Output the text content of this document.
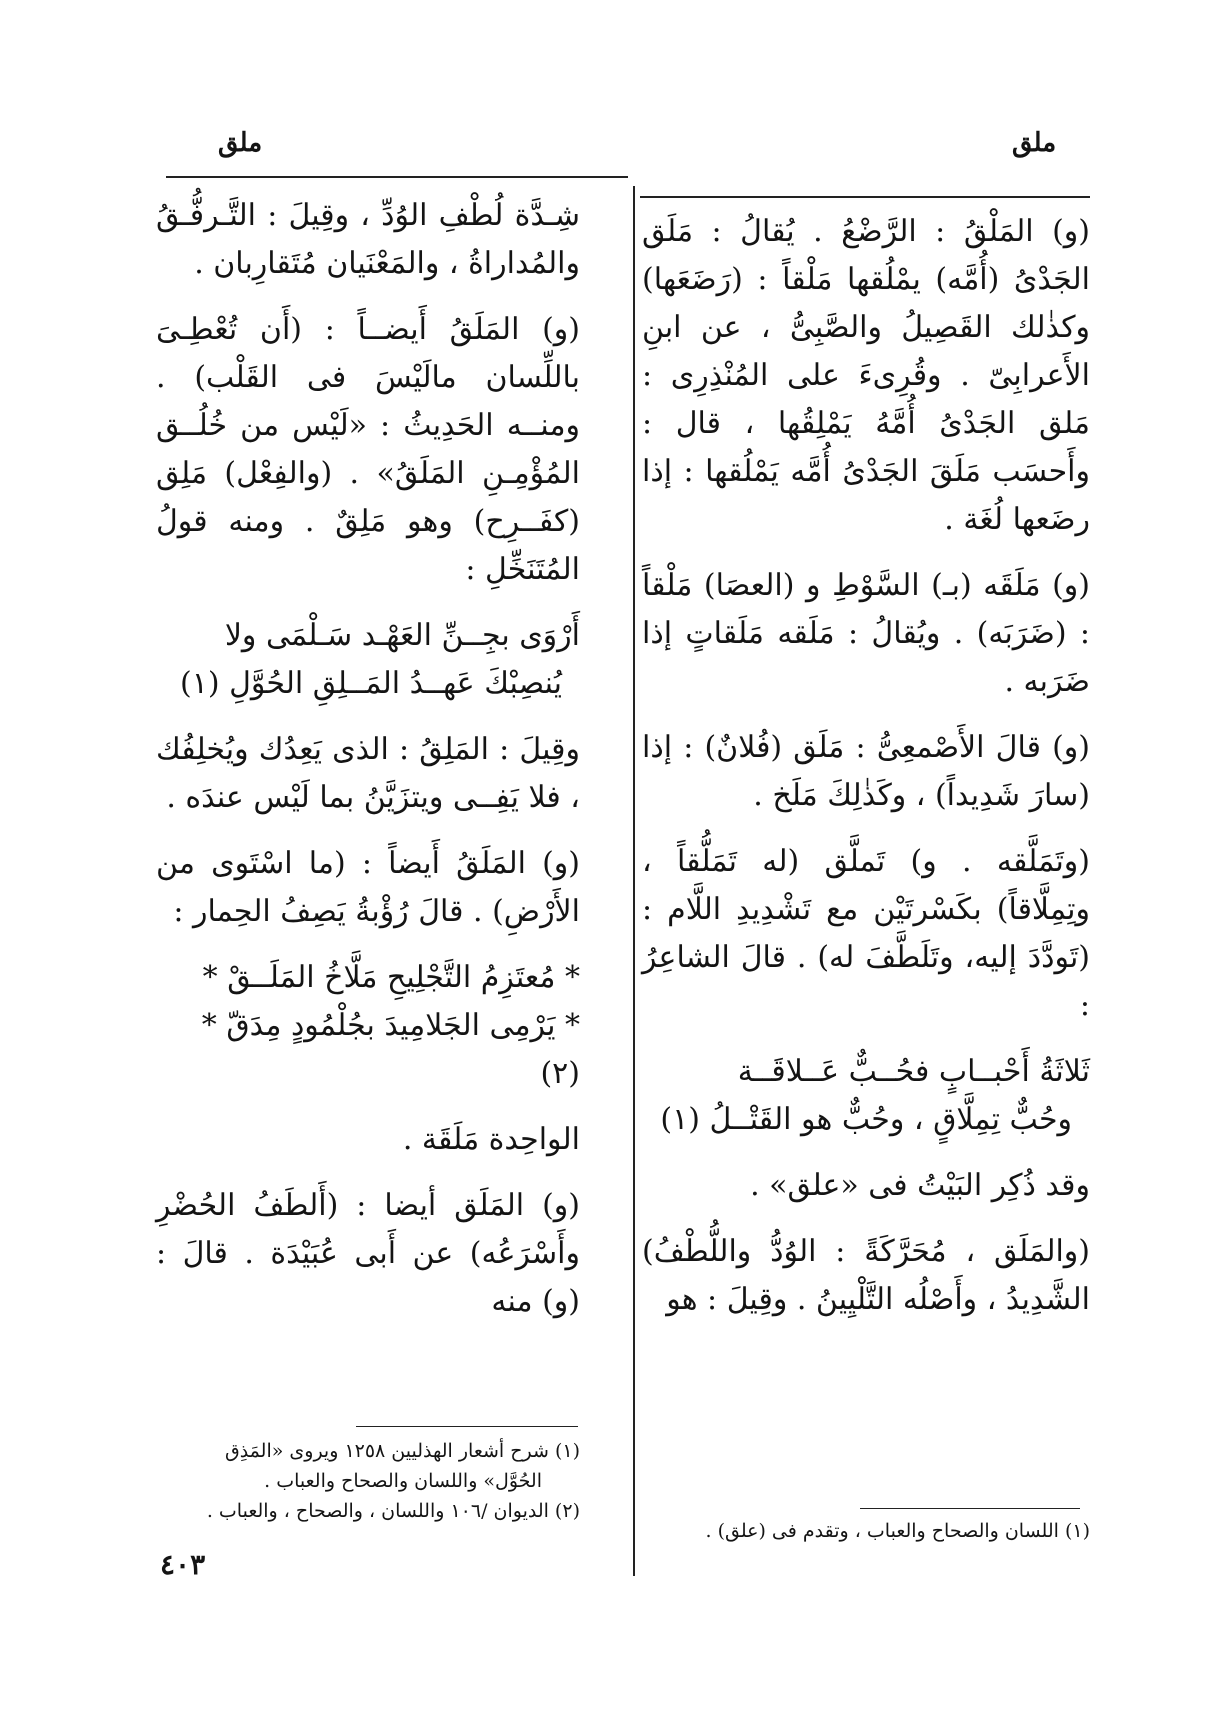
ملق	ملق

(و) المَلْقُ : الرَّضْعُ . يُقالُ : مَلَق الجَدْىُ (أُمَّه) يمْلُقها مَلْقاً : (رَضَعَها) وكذٰلك القَصِيلُ والصَّبِىُّ ، عن ابنِ الأَعرابِىّ . وقُرِىءَ على المُنْذِرِى : مَلق الجَدْىُ أُمَّهُ يَمْلِقُها ، قال : وأَحسَب مَلَقَ الجَدْىُ أُمَّه يَمْلُقها : إذا رضَعها لُغَة .

(و) مَلَقَه (بـ) السَّوْطِ و (العصَا) مَلْقاً : (ضَرَبَه) . ويُقالُ : مَلَقه مَلَقاتٍ إذا ضَرَبه .

(و) قالَ الأَصْمعِىُّ : مَلَق (فُلانٌ) : إذا (سارَ شَدِيداً) ، وكَذٰلِكَ مَلَخ .

(وتَمَلَّقه . و) تَملَّق (له تَمَلُّقاً ، وتِمِلَّاقاً) بكَسْرتَيْن مع تَشْدِيدِ اللَّام : (تَودَّدَ إليه، وتَلَطَّفَ له) . قالَ الشاعِرُ :

ثَلاثَةُ أَحْبــابٍ فحُــبٌّ عَــلاقَــة
وحُبٌّ تِمِلَّاقٍ ، وحُبٌّ هو القَتْــلُ (١)

وقد ذُكِر البَيْتُ فى «علق» .

(والمَلَق ، مُحَرَّكَةً : الوُدُّ واللُّطْفُ) الشَّدِيدُ ، وأَصْلُه التَّلْيِينُ . وقِيلَ : هو

(١) اللسان والصحاح والعباب ، وتقدم فى (علق) .

شِـدَّة لُطْفِ الوُدِّ ، وقِيلَ : التَّـرفُّـقُ والمُداراةُ ، والمَعْنَيان مُتَقارِبان .

(و) المَلَقُ أَيضــاً : (أَن تُعْطِـىَ باللِّسان مالَيْسَ فى القَلْب) . ومنــه الحَدِيثُ : «لَيْس من خُلُــق المُؤْمِـنِ المَلَقُ» . (والفِعْل) مَلِق (كفَــرِح) وهو مَلِقٌ . ومنه قولُ المُتَنَخِّلِ :

أَرْوَى بجِــنِّ العَهْـد سَـلْمَى ولا
يُنصِبْكَ عَهــدُ المَــلِقِ الحُوَّلِ (١)

وقِيلَ : المَلِقُ : الذى يَعِدُك ويُخلِفُك ، فلا يَفِــى ويتزَيَّنُ بما لَيْس عندَه .

(و) المَلَقُ أَيضاً : (ما اسْتَوى من الأَرْضِ) . قالَ رُؤْبةُ يَصِفُ الحِمار :

* مُعتَزِمُ التَّجْلِيحِ مَلَّاخُ المَلَــقْ *
* يَرْمِى الجَلامِيدَ بجُلْمُودٍ مِدَقّ * (٢)

الواحِدة مَلَقَة .

(و) المَلَق أيضا : (أَلطَفُ الحُضْرِ وأَسْرَعُه) عن أَبى عُبَيْدَة . قالَ : (و) منه

(١) شرح أشعار الهذليين ١٢٥٨ ويروى «المَذِق
الحُوَّل» واللسان والصحاح والعباب .
(٢) الديوان /١٠٦ واللسان ، والصحاح ، والعباب .
٤٠٣
